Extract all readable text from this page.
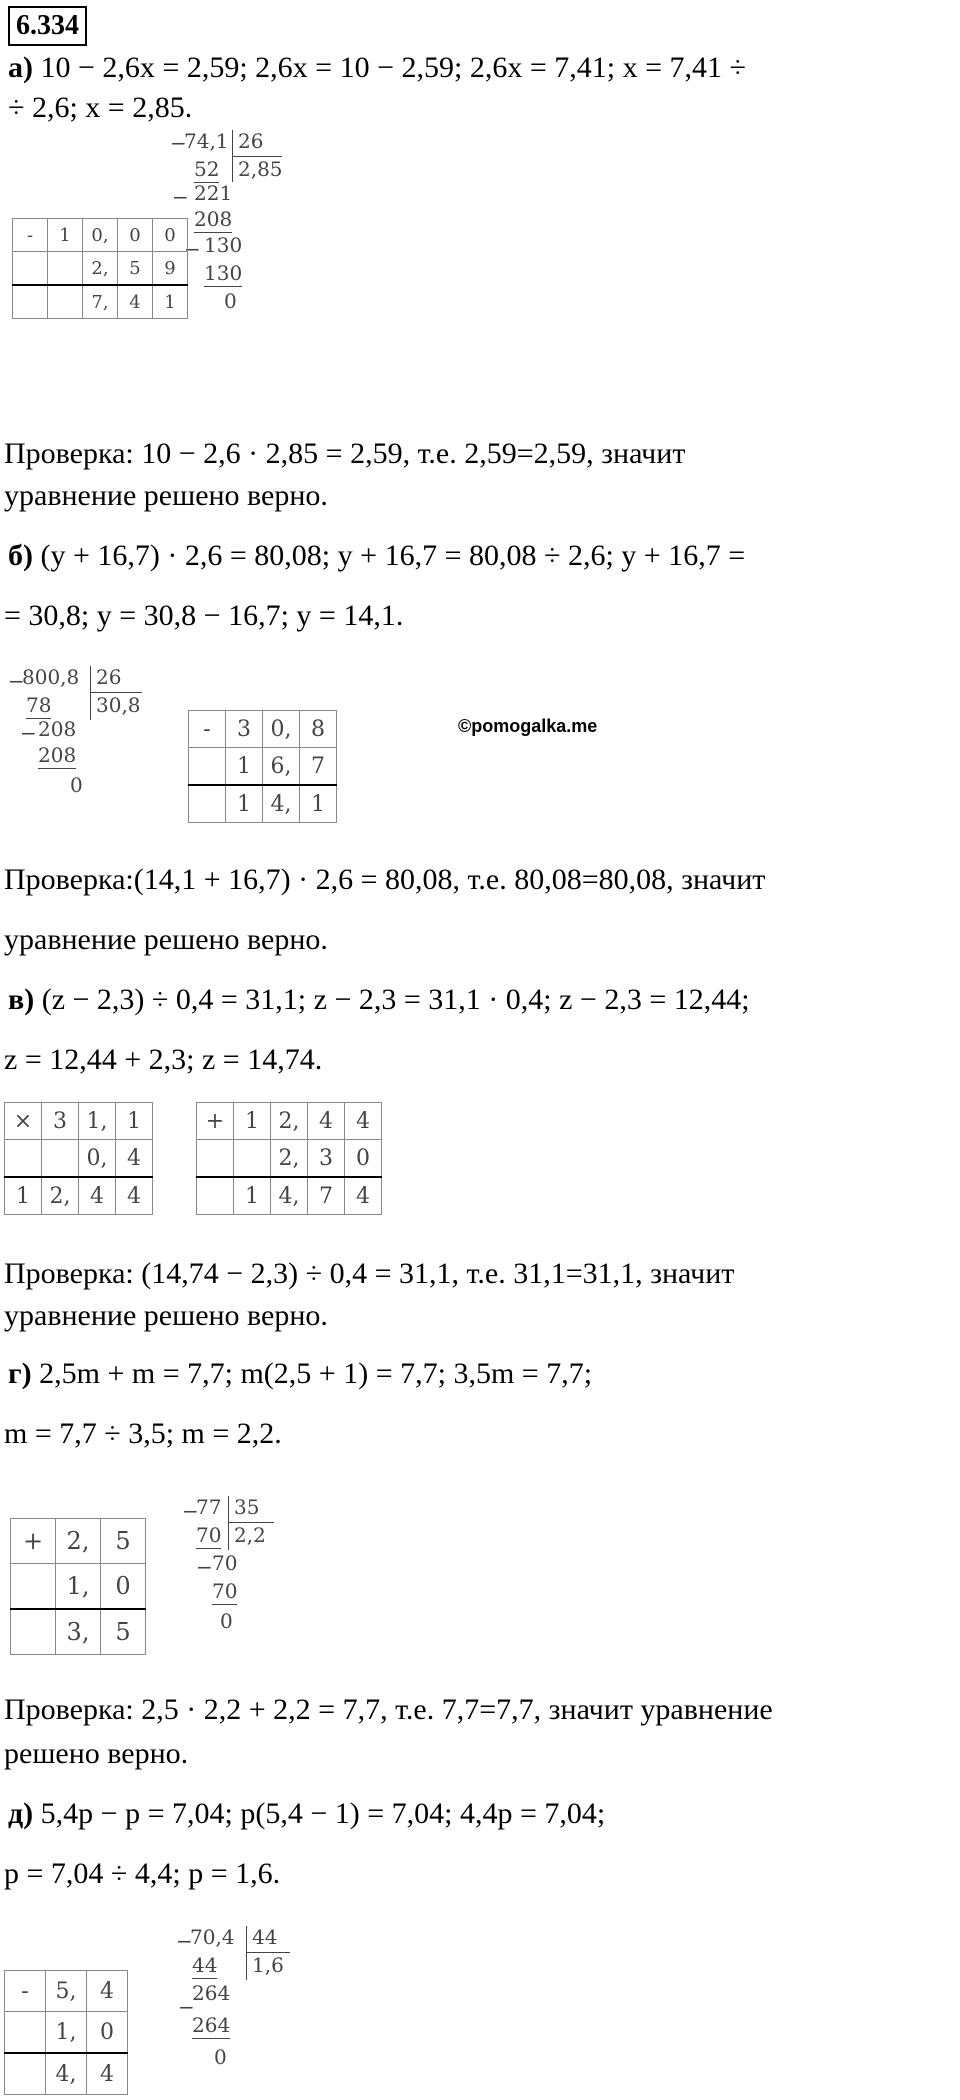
6.334
а) 10 − 2,6x = 2,59; 2,6x = 10 − 2,59; 2,6x = 7,41; x = 7,41 ÷
÷ 2,6; x = 2,85.
−
74,1 26
2,85
52
− 221
208
− 130
130
0
-	1	0,	0	0
		2,	5	9
		7,	4	1
Проверка: 10 − 2,6 · 2,85 = 2,59, т.е. 2,59=2,59, значит
уравнение решено верно.
б) (y + 16,7) · 2,6 = 80,08; y + 16,7 = 80,08 ÷ 2,6; y + 16,7 =
= 30,8; y = 30,8 − 16,7; y = 14,1.
−
800,8 26
30,8
78
− 208
208
0
-	3	0,	8
	1	6,	7
	1	4,	1
©pomogalka.me
Проверка:(14,1 + 16,7) · 2,6 = 80,08, т.е. 80,08=80,08, значит
уравнение решено верно.
в) (z − 2,3) ÷ 0,4 = 31,1; z − 2,3 = 31,1 · 0,4; z − 2,3 = 12,44;
z = 12,44 + 2,3; z = 14,74.
×	3	1,	1
		0,	4
1	2,	4	4
+	1	2,	4	4
		2,	3	0
	1	4,	7	4
Проверка: (14,74 − 2,3) ÷ 0,4 = 31,1, т.е. 31,1=31,1, значит
уравнение решено верно.
г) 2,5m + m = 7,7; m(2,5 + 1) = 7,7; 3,5m = 7,7;
m = 7,7 ÷ 3,5; m = 2,2.
+	2,	5
	1,	0
	3,	5
−
77 35
2,2
70
− 70
70
0
Проверка: 2,5 · 2,2 + 2,2 = 7,7, т.е. 7,7=7,7, значит уравнение
решено верно.
д) 5,4p − p = 7,04; p(5,4 − 1) = 7,04; 4,4p = 7,04;
p = 7,04 ÷ 4,4; p = 1,6.
−
70,4 44
1,6
44
−
264
264
0
-	5,	4
	1,	0
	4,	4
